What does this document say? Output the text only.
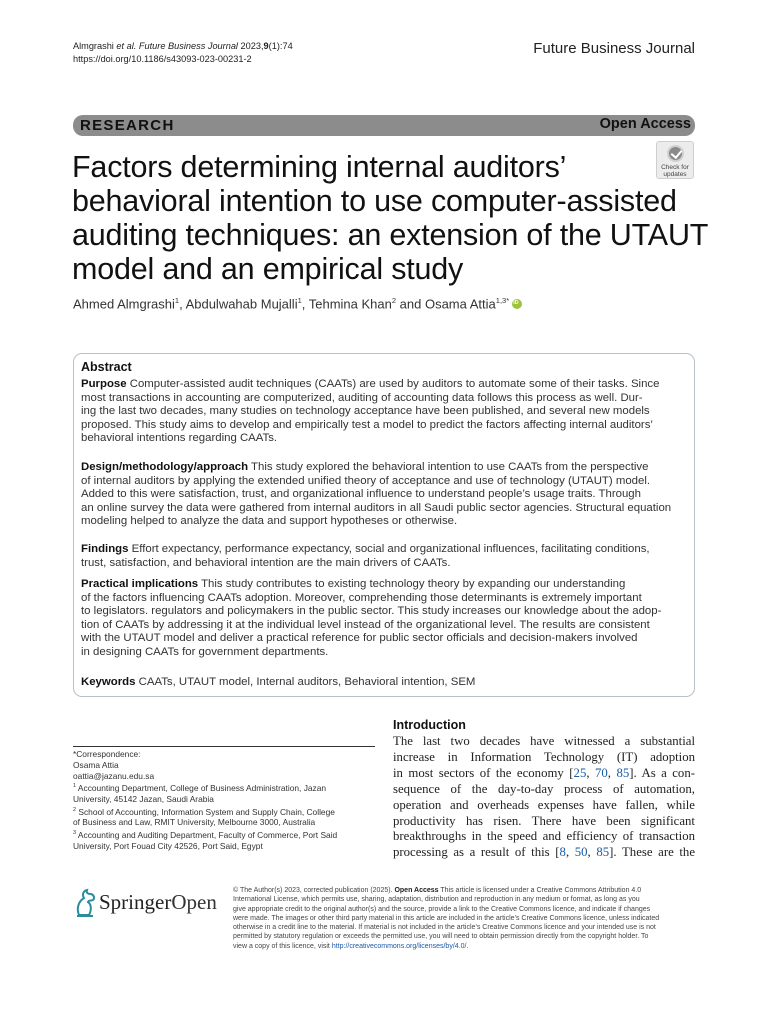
Almgrashi et al. Future Business Journal 2023,9(1):74
https://doi.org/10.1186/s43093-023-00231-2
Future Business Journal
RESEARCH	Open Access
Factors determining internal auditors’
behavioral intention to use computer-assisted
auditing techniques: an extension of the UTAUT
model and an empirical study
Check for
updates
Ahmed Almgrashi$^1$, Abdulwahab Mujalli$^1$, Tehmina Khan$^2$ and Osama Attia$^{1,3*}$iD
Abstract
Purpose Computer-assisted audit techniques (CAATs) are used by auditors to automate some of their tasks. Since
most transactions in accounting are computerized, auditing of accounting data follows this process as well. Dur-
ing the last two decades, many studies on technology acceptance have been published, and several new models
proposed. This study aims to develop and empirically test a model to predict the factors affecting internal auditors’
behavioral intentions regarding CAATs.
Design/methodology/approach This study explored the behavioral intention to use CAATs from the perspective
of internal auditors by applying the extended unified theory of acceptance and use of technology (UTAUT) model.
Added to this were satisfaction, trust, and organizational influence to understand people’s usage traits. Through
an online survey the data were gathered from internal auditors in all Saudi public sector agencies. Structural equation
modeling helped to analyze the data and support hypotheses or otherwise.
Findings Effort expectancy, performance expectancy, social and organizational influences, facilitating conditions,
trust, satisfaction, and behavioral intention are the main drivers of CAATs.
Practical implications This study contributes to existing technology theory by expanding our understanding
of the factors influencing CAATs adoption. Moreover, comprehending those determinants is extremely important
to legislators. regulators and policymakers in the public sector. This study increases our knowledge about the adop-
tion of CAATs by addressing it at the individual level instead of the organizational level. The results are consistent
with the UTAUT model and deliver a practical reference for public sector officials and decision-makers involved
in designing CAATs for government departments.
Keywords CAATs, UTAUT model, Internal auditors, Behavioral intention, SEM
*Correspondence:
Osama Attia
oattia@jazanu.edu.sa
$^1$ Accounting Department, College of Business Administration, Jazan
University, 45142 Jazan, Saudi Arabia
$^2$ School of Accounting, Information System and Supply Chain, College
of Business and Law, RMIT University, Melbourne 3000, Australia
$^3$ Accounting and Auditing Department, Faculty of Commerce, Port Said
University, Port Fouad City 42526, Port Said, Egypt
Introduction
The last two decades have witnessed a substantial
increase in Information Technology (IT) adoption
in most sectors of the economy [25, 70, 85]. As a con-
sequence of the day-to-day process of automation,
operation and overheads expenses have fallen, while
productivity has risen. There have been significant
breakthroughs in the speed and efficiency of transaction
processing as a result of this [8, 50, 85]. These are the
SpringerOpen © The Author(s) 2023, corrected publication (2025). Open Access This article is licensed under a Creative Commons Attribution 4.0
International License, which permits use, sharing, adaptation, distribution and reproduction in any medium or format, as long as you
give appropriate credit to the original author(s) and the source, provide a link to the Creative Commons licence, and indicate if changes
were made. The images or other third party material in this article are included in the article’s Creative Commons licence, unless indicated
otherwise in a credit line to the material. If material is not included in the article’s Creative Commons licence and your intended use is not
permitted by statutory regulation or exceeds the permitted use, you will need to obtain permission directly from the copyright holder. To
view a copy of this licence, visit http://creativecommons.org/licenses/by/4.0/.
